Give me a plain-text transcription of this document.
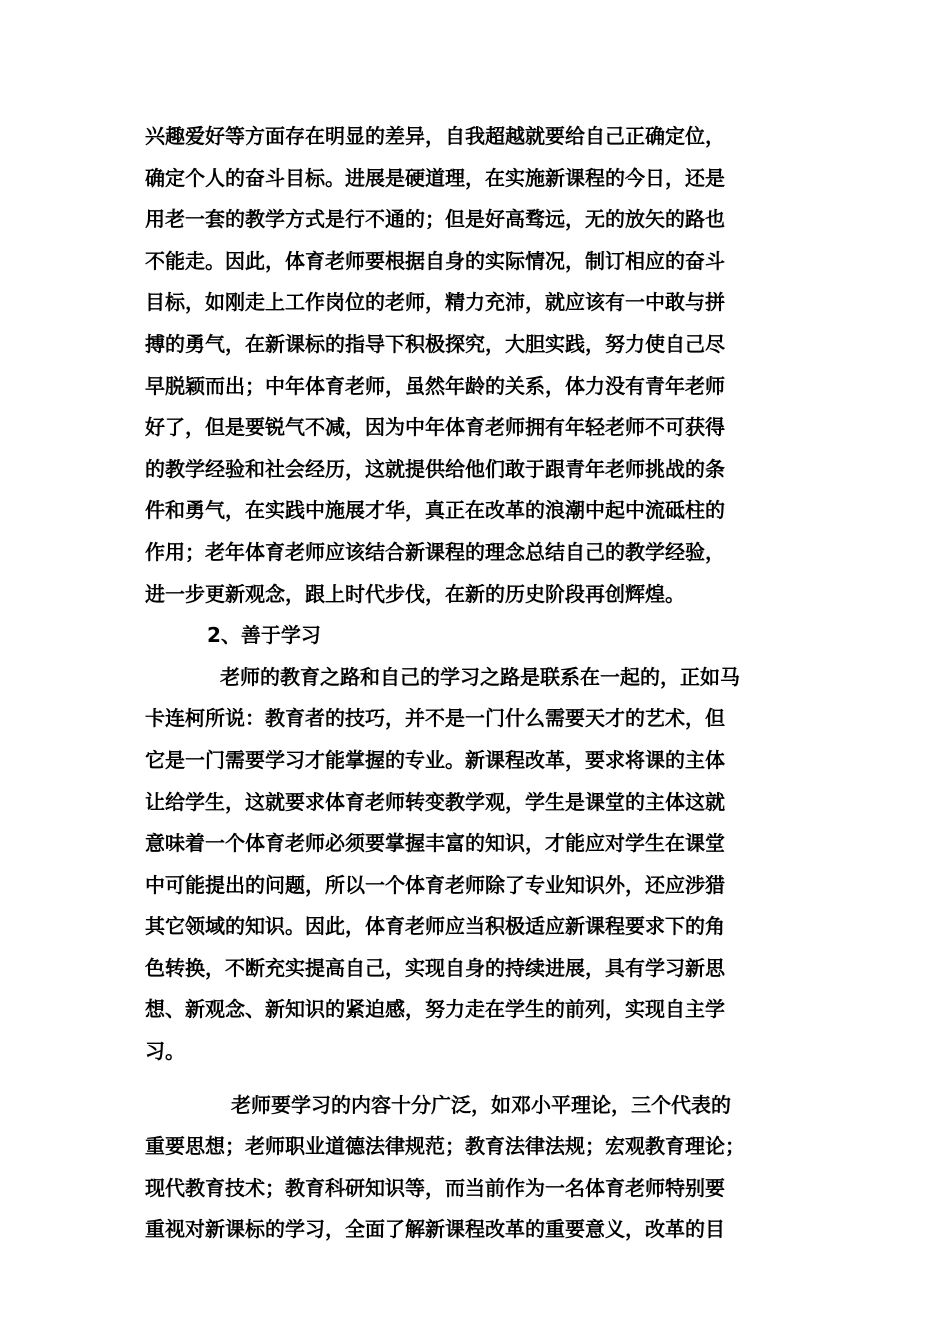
兴趣爱好等方面存在明显的差异，自我超越就要给自己正确定位，
确定个人的奋斗目标。进展是硬道理，在实施新课程的今日，还是
用老一套的教学方式是行不通的；但是好高骛远，无的放矢的路也
不能走。因此，体育老师要根据自身的实际情况，制订相应的奋斗
目标，如刚走上工作岗位的老师，精力充沛，就应该有一中敢与拼
搏的勇气，在新课标的指导下积极探究，大胆实践，努力使自己尽
早脱颖而出；中年体育老师，虽然年龄的关系，体力没有青年老师
好了，但是要锐气不减，因为中年体育老师拥有年轻老师不可获得
的教学经验和社会经历，这就提供给他们敢于跟青年老师挑战的条
件和勇气，在实践中施展才华，真正在改革的浪潮中起中流砥柱的
作用；老年体育老师应该结合新课程的理念总结自己的教学经验，
进一步更新观念，跟上时代步伐，在新的历史阶段再创辉煌。
2、善于学习
老师的教育之路和自己的学习之路是联系在一起的，正如马
卡连柯所说：教育者的技巧，并不是一门什么需要天才的艺术，但
它是一门需要学习才能掌握的专业。新课程改革，要求将课的主体
让给学生，这就要求体育老师转变教学观，学生是课堂的主体这就
意味着一个体育老师必须要掌握丰富的知识，才能应对学生在课堂
中可能提出的问题，所以一个体育老师除了专业知识外，还应涉猎
其它领域的知识。因此，体育老师应当积极适应新课程要求下的角
色转换，不断充实提高自己，实现自身的持续进展，具有学习新思
想、新观念、新知识的紧迫感，努力走在学生的前列，实现自主学
习。
老师要学习的内容十分广泛，如邓小平理论，三个代表的
重要思想；老师职业道德法律规范；教育法律法规；宏观教育理论；
现代教育技术；教育科研知识等，而当前作为一名体育老师特别要
重视对新课标的学习，全面了解新课程改革的重要意义，改革的目
